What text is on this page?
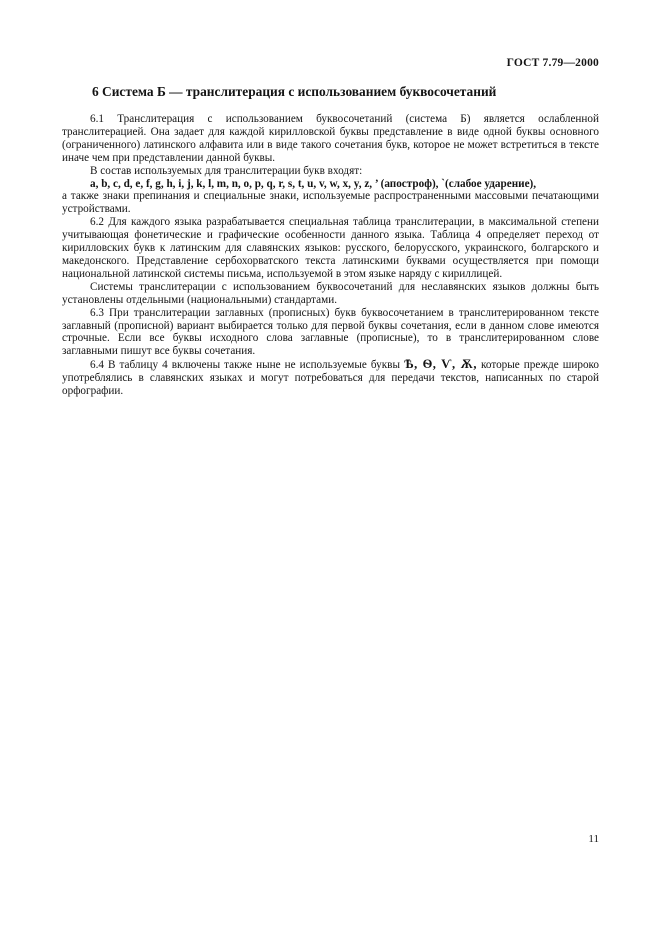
ГОСТ 7.79—2000
6 Система Б — транслитерация с использованием буквосочетаний

6.1 Транслитерация с использованием буквосочетаний (система Б) является ослабленной транслитерацией. Она задает для каждой кирилловской буквы представление в виде одной буквы основного (ограниченного) латинского алфавита или в виде такого сочетания букв, которое не может встретиться в тексте иначе чем при представлении данной буквы.

В состав используемых для транслитерации букв входят:

a, b, c, d, e, f, g, h, i, j, k, l, m, n, o, p, q, r, s, t, u, v, w, x, y, z, ’ (апостроф), `(слабое ударение),

а также знаки препинания и специальные знаки, используемые распространенными массовыми печатающими устройствами.

6.2 Для каждого языка разрабатывается специальная таблица транслитерации, в максимальной степени учитывающая фонетические и графические особенности данного языка. Таблица 4 определяет переход от кирилловских букв к латинским для славянских языков: русского, белорусского, украинского, болгарского и македонского. Представление сербохорватского текста латинскими буквами осуществляется при помощи национальной латинской системы письма, используемой в этом языке наряду с кириллицей.

Системы транслитерации с использованием буквосочетаний для неславянских языков должны быть установлены отдельными (национальными) стандартами.

6.3 При транслитерации заглавных (прописных) букв буквосочетанием в транслитерированном тексте заглавный (прописной) вариант выбирается только для первой буквы сочетания, если в данном слове имеются строчные. Если все буквы исходного слова заглавные (прописные), то в транслитерированном слове заглавными пишут все буквы сочетания.

6.4 В таблицу 4 включены также ныне не используемые буквы Ѣ, Ѳ, Ѵ, Ѫ, которые прежде широко употреблялись в славянских языках и могут потребоваться для передачи текстов, написанных по старой орфографии.

11
